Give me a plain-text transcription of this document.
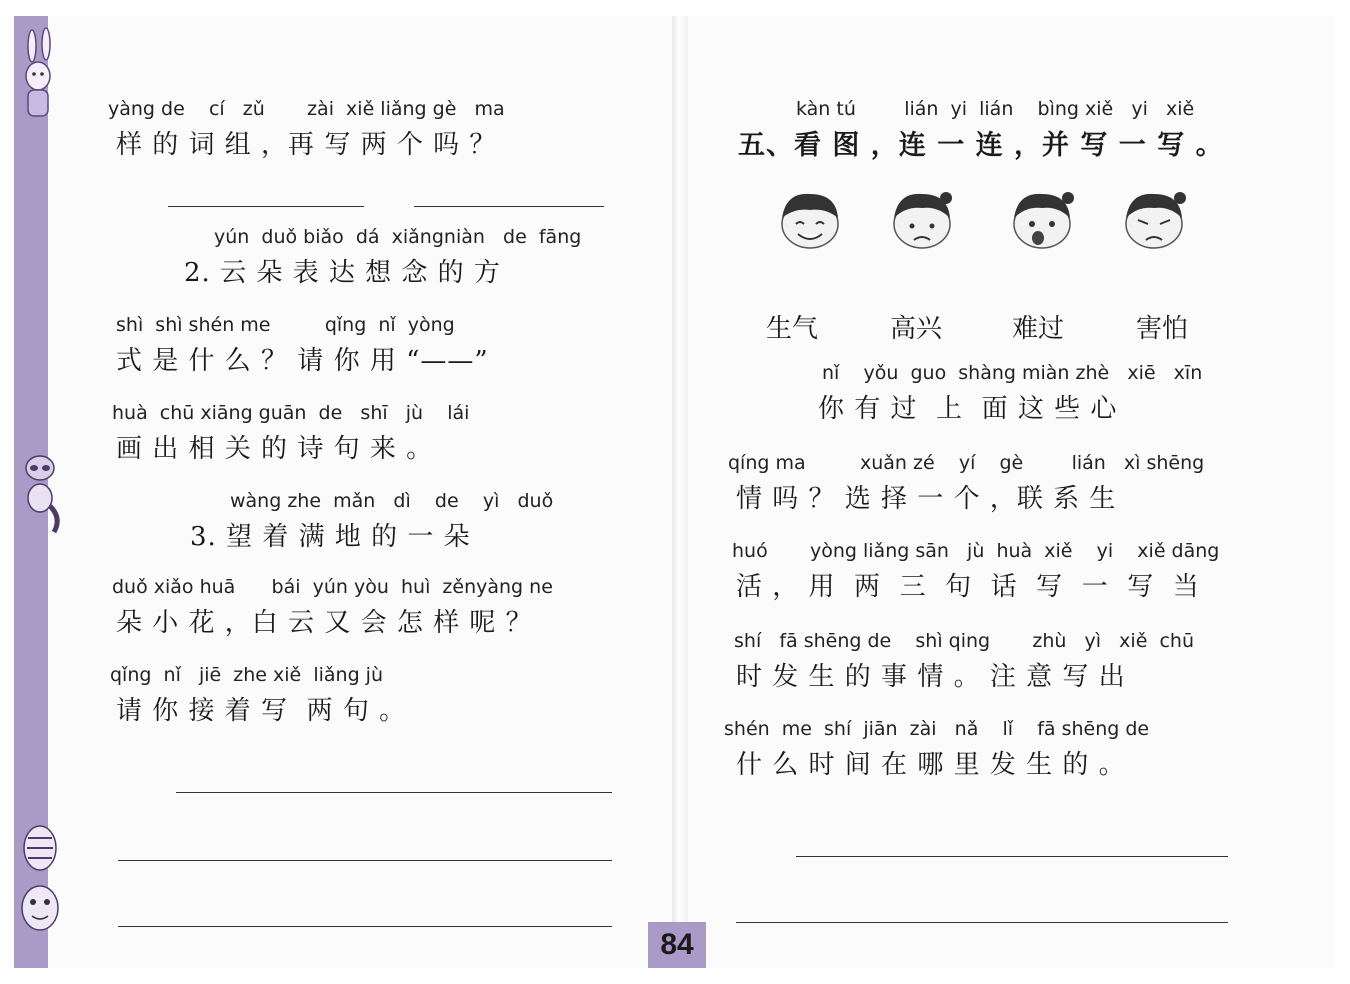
yàng de    cí   zǔ       zài  xiě liǎng gè   ma
样 的 词 组 ，再 写 两 个 吗 ？
yún  duǒ biǎo  dá  xiǎngniàn   de  fāng
2. 云 朵 表 达 想 念 的 方
shì  shì shén me         qǐng  nǐ  yòng
式 是 什 么 ？ 请 你 用 “——”
huà  chū xiāng guān  de   shī   jù    lái
画 出 相 关 的 诗 句 来 。
wàng zhe  mǎn   dì    de    yì   duǒ
3. 望 着 满 地 的 一 朵
duǒ xiǎo huā      bái  yún yòu  huì  zěnyàng ne
朵 小 花 ，白 云 又 会 怎 样 呢 ？
qǐng  nǐ   jiē  zhe xiě  liǎng jù
请 你 接 着 写  两 句 。
kàn tú        lián  yi  lián    bìng xiě   yi   xiě
五、看 图 ，连 一 连 ，并 写 一 写 。
生气	高兴	难过	害怕
nǐ    yǒu  guo  shàng miàn zhè   xiē   xīn
你 有 过  上  面 这 些 心
qíng ma         xuǎn zé    yí    gè        lián   xì shēng
情 吗 ？ 选 择 一 个 ，联 系 生
huó       yòng liǎng sān   jù  huà  xiě    yi    xiě dāng
活 ， 用  两  三  句  话  写  一  写  当
shí   fā shēng de    shì qing       zhù   yì   xiě  chū
时 发 生 的 事 情 。 注 意 写 出
shén  me  shí  jiān  zài   nǎ    lǐ    fā shēng de
什 么 时 间 在 哪 里 发 生 的 。
84
